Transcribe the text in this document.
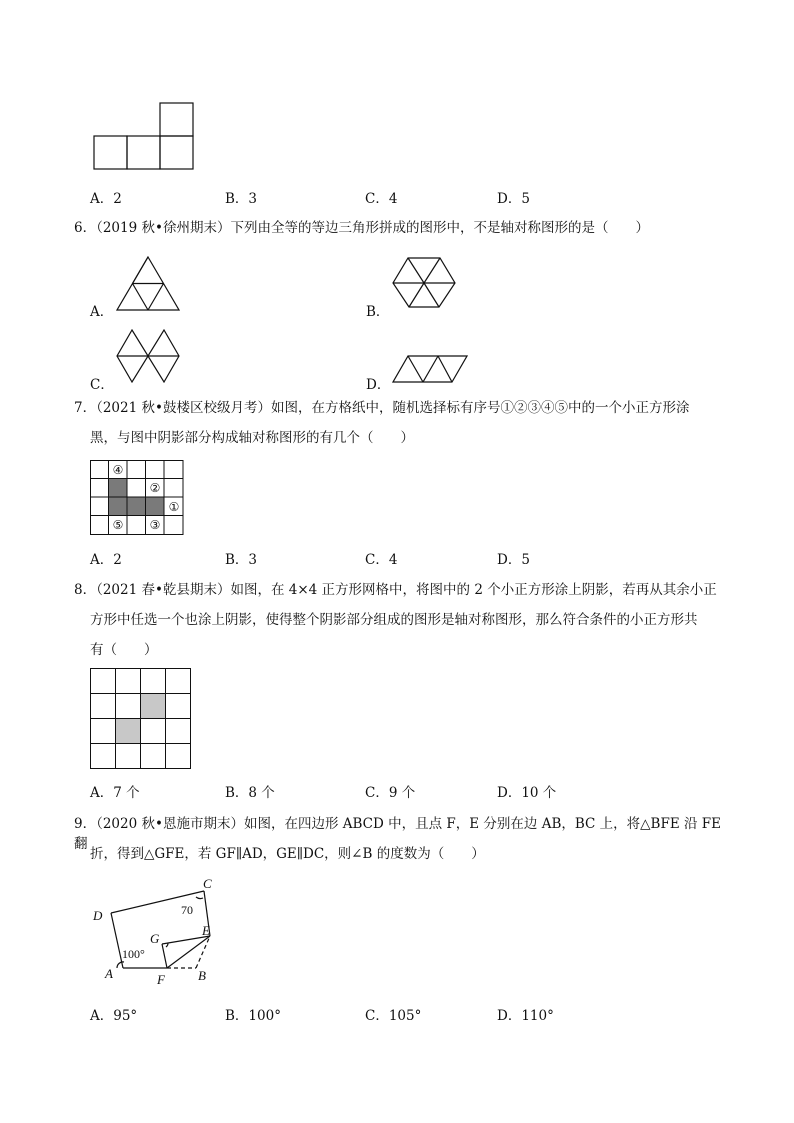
A．2	B．3	C．4	D．5
6．（2019 秋•徐州期末）下列由全等的等边三角形拼成的图形中，不是轴对称图形的是（　　）
A．	B．
C．	D．
7．（2021 秋•鼓楼区校级月考）如图，在方格纸中，随机选择标有序号①②③④⑤中的一个小正方形涂
黑，与图中阴影部分构成轴对称图形的有几个（　　）
④
②
①
⑤ ③
A．2	B．3	C．4	D．5
8．（2021 春•乾县期末）如图，在 4×4 正方形网格中，将图中的 2 个小正方形涂上阴影，若再从其余小正
方形中任选一个也涂上阴影，使得整个阴影部分组成的图形是轴对称图形，那么符合条件的小正方形共
有（　　）
A．7 个	B．8 个	C．9 个	D．10 个
9．（2020 秋•恩施市期末）如图，在四边形 ABCD 中，且点 F，E 分别在边 AB，BC 上，将△BFE 沿 FE 翻
折，得到△GFE，若 GF∥AD，GE∥DC，则∠B 的度数为（　　）
C
D	70
G
E
100°
A	F	B
A．95°	B．100°	C．105°	D．110°
